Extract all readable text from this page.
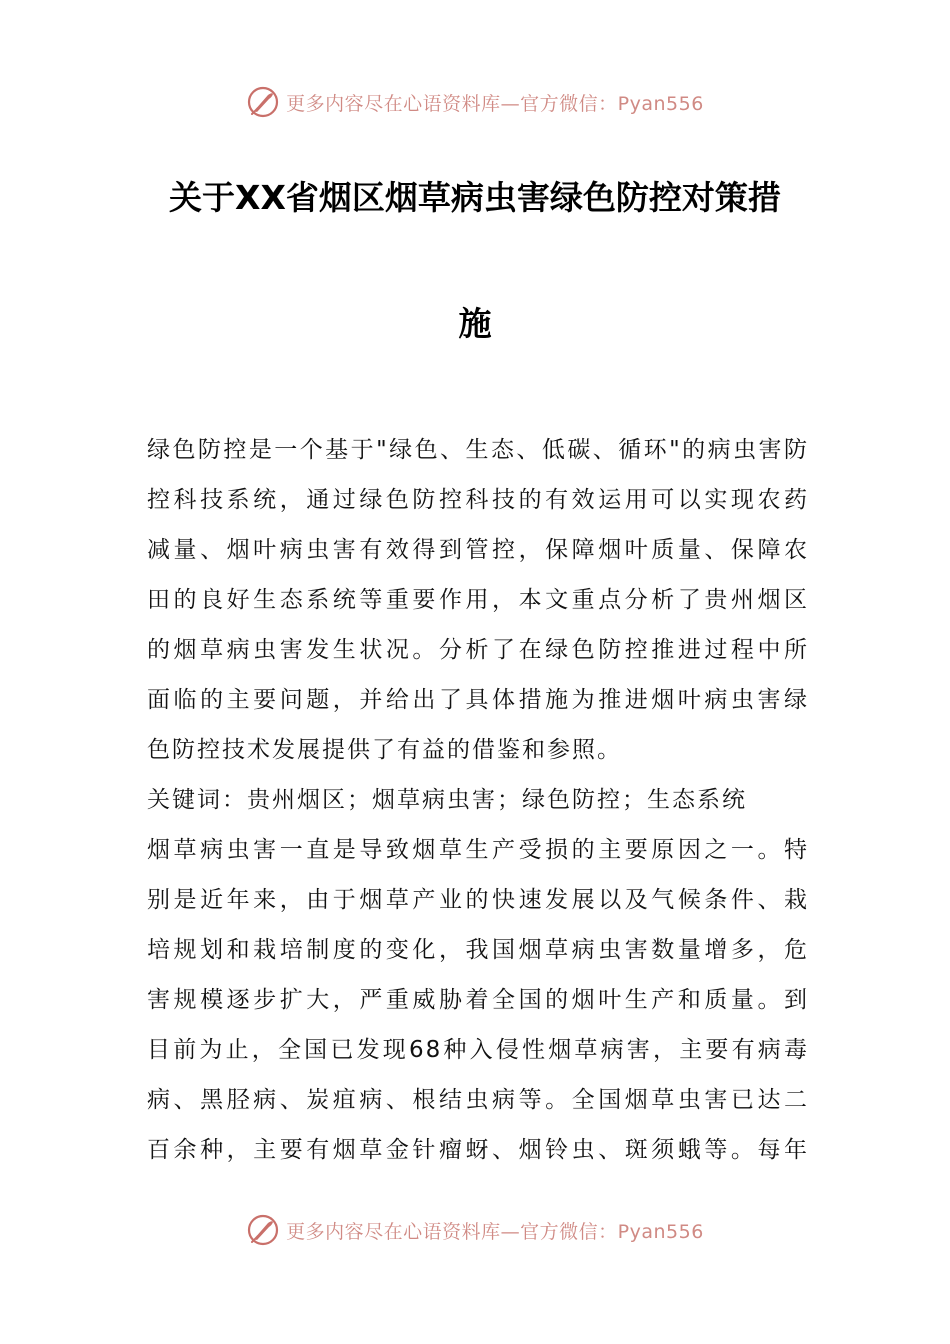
更多内容尽在心语资料库—官方微信：Pyan556
关于XX省烟区烟草病虫害绿色防控对策措
施

绿色防控是一个基于"绿色、生态、低碳、循环"的病虫害防
控科技系统，通过绿色防控科技的有效运用可以实现农药
减量、烟叶病虫害有效得到管控，保障烟叶质量、保障农
田的良好生态系统等重要作用，本文重点分析了贵州烟区
的烟草病虫害发生状况。分析了在绿色防控推进过程中所
面临的主要问题，并给出了具体措施为推进烟叶病虫害绿
色防控技术发展提供了有益的借鉴和参照。

关键词：贵州烟区；烟草病虫害；绿色防控；生态系统

烟草病虫害一直是导致烟草生产受损的主要原因之一。特
别是近年来，由于烟草产业的快速发展以及气候条件、栽
培规划和栽培制度的变化，我国烟草病虫害数量增多，危
害规模逐步扩大，严重威胁着全国的烟叶生产和质量。到
目前为止，全国已发现68种入侵性烟草病害，主要有病毒
病、黑胫病、炭疽病、根结虫病等。全国烟草虫害已达二
百余种，主要有烟草金针瘤蚜、烟铃虫、斑须蛾等。每年

更多内容尽在心语资料库—官方微信：Pyan556
